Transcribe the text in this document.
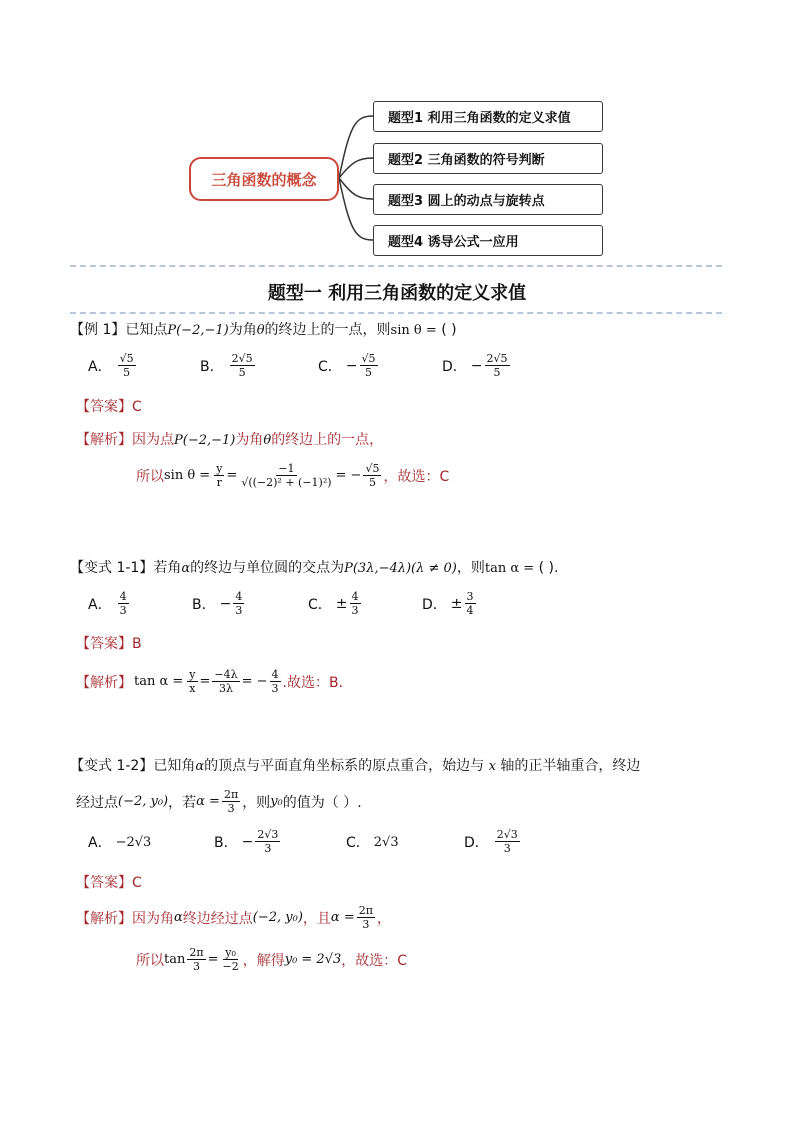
三角函数的概念
题型1 利用三角函数的定义求值
题型2 三角函数的符号判断
题型3 圆上的动点与旋转点
题型4 诱导公式一应用
题型一 利用三角函数的定义求值
【例 1】已知点P(−2,−1)为角θ的终边上的一点，则sin θ = ( )
A． $\frac{√5}{5}$	B． $\frac{2√5}{5}$	C． − $\frac{√5}{5}$	D． − $\frac{2√5}{5}$
【答案】C
【解析】因为点P(−2,−1)为角θ的终边上的一点，
所以 $\sin \theta = \frac{y}{r} = \frac{-1}{\text{√((−2)² + (−1)²)}}$ = − $\frac{√5}{5}$ ，故选：C
【变式 1-1】若角α的终边与单位圆的交点为P(3λ,−4λ)(λ ≠ 0)，则tan α = ( ).
A． $\frac{4}{3}$	B． − $\frac{4}{3}$	C． ± $\frac{4}{3}$	D． ± $\frac{3}{4}$
【答案】B
【解析】 $\tan \alpha = \frac{y}{x} = \frac{-4\lambda}{3\lambda}$ = − $\frac{4}{3}$ .故选：B．
【变式 1-2】已知角α的顶点与平面直角坐标系的原点重合，始边与 x 轴的正半轴重合，终边
经过点 (−2, y₀) ，若 $\alpha = \frac{2\pi}{3}$ ，则 y₀ 的值为（ ）.
A． −2√3	B． − $\frac{2√3}{3}$	C． 2√3	D． $\frac{2√3}{3}$
【答案】C
【解析】 因为角 α 终边经过点 (−2, y₀) ，且 $\alpha = \frac{2\pi}{3}$ ，
所以 $\tan \frac{2\pi}{3} = \frac{\text{y₀}}{-2}$ ，解得 y₀ = 2√3 ，故选：C
